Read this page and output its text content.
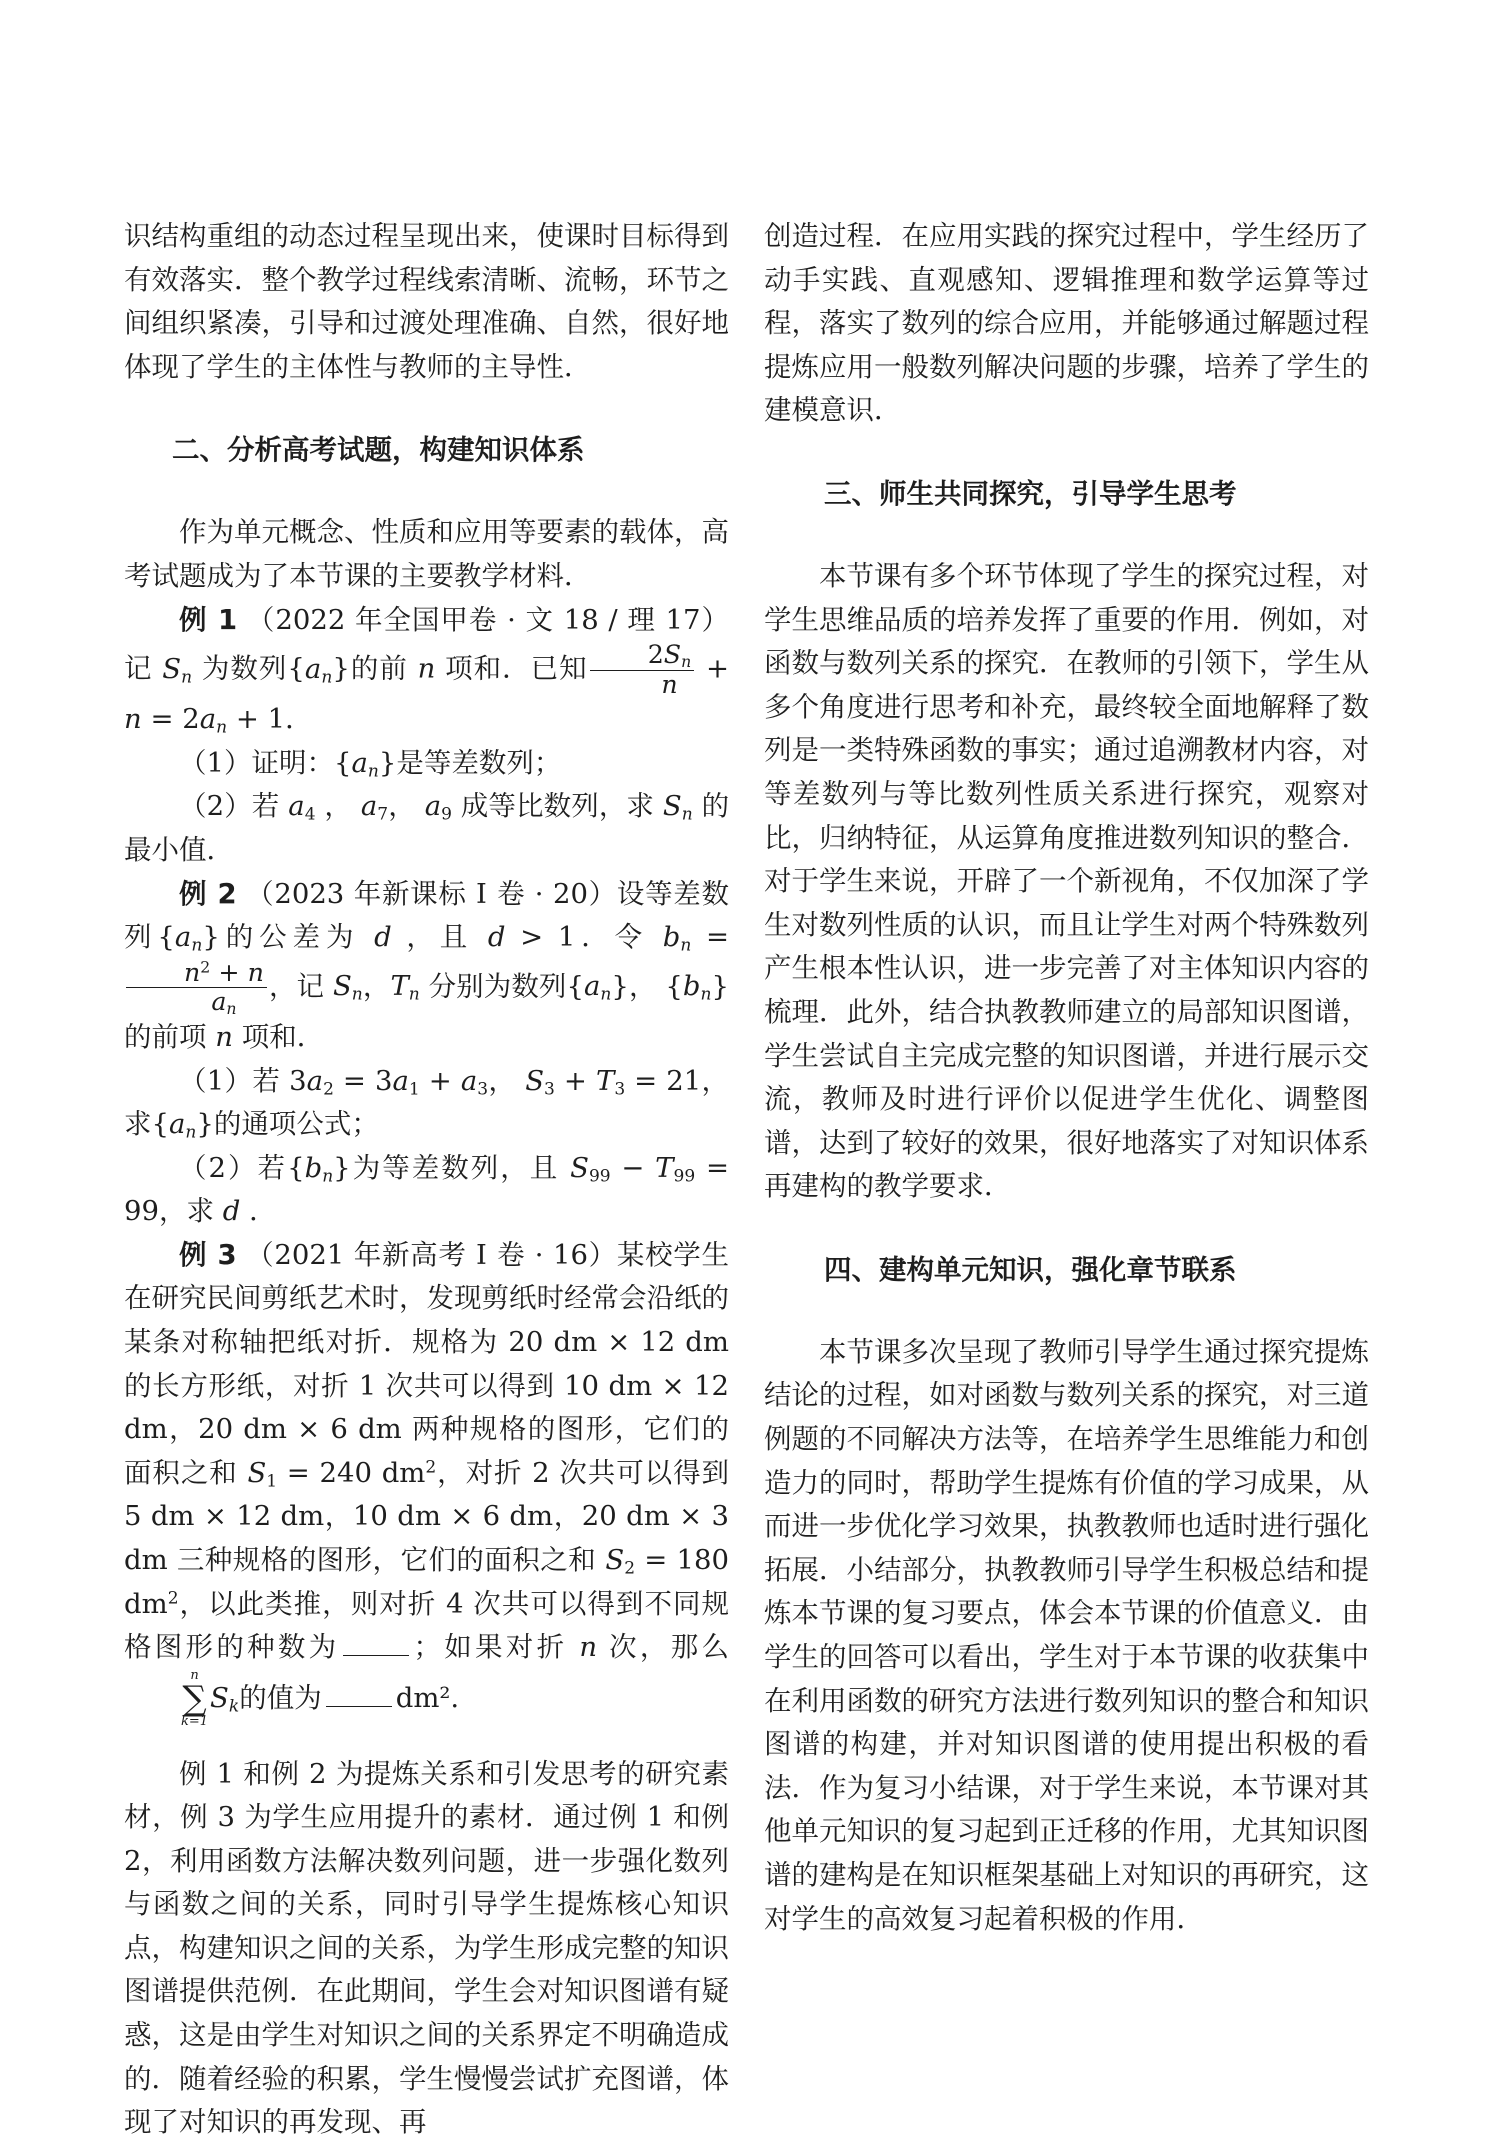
识结构重组的动态过程呈现出来，使课时目标得到有效落实．整个教学过程线索清晰、流畅，环节之间组织紧凑，引导和过渡处理准确、自然，很好地体现了学生的主体性与教师的主导性．

二、分析高考试题，构建知识体系

作为单元概念、性质和应用等要素的载体，高考试题成为了本节课的主要教学材料．

例 1 （2022 年全国甲卷 · 文 18 / 理 17）记 $S_n$ 为数列$\{a_n\}$的前 n 项和．已知 $\frac{2S_n}{n} + n = 2a_n + 1$．

（1）证明：$\{a_n\}$是等差数列；

（2）若 $a_4$ ， $a_7$， $a_9$ 成等比数列，求 $S_n$ 的最小值．

例 2 （2023 年新课标 Ⅰ 卷 · 20）设等差数列$\{a_n\}$的公差为 d ，且 d > 1．令 $b_n$ =
$\frac{n^2 + n}{a_n}$ ，记 $S_n$，$T_n$ 分别为数列$\{a_n\}$， $\{b_n\}$的前项 n 项和．

（1）若 $3a_2 = 3a_1 + a_3$， $S_3 + T_3 = 21$，求$\{a_n\}$的通项公式；

（2）若$\{b_n\}$为等差数列，且 $S_{99} - T_{99} = 99$，求 d ．

例 3 （2021 年新高考 Ⅰ 卷 · 16）某校学生在研究民间剪纸艺术时，发现剪纸时经常会沿纸的某条对称轴把纸对折．规格为 20 dm × 12 dm的长方形纸，对折 1 次共可以得到 10 dm × 12 dm，20 dm × 6 dm 两种规格的图形，它们的面积之和 $S_1 = 240$ $dm^2$，对折 2 次共可以得到 5 dm × 12 dm，10 dm × 6 dm，20 dm × 3 dm 三种规格的图形，它们的面积之和 $S_2 = 180$ $dm^2$，以此类推，则对折 4 次共可以得到不同规格图形的种数为	；如果对折 n 次，那么
n
∑
k=1
$S_k$的值为	dm².

例 1 和例 2 为提炼关系和引发思考的研究素材，例 3 为学生应用提升的素材．通过例 1 和例 2，利用函数方法解决数列问题，进一步强化数列与函数之间的关系，同时引导学生提炼核心知识点，构建知识之间的关系，为学生形成完整的知识图谱提供范例．在此期间，学生会对知识图谱有疑惑，这是由学生对知识之间的关系界定不明确造成的．随着经验的积累，学生慢慢尝试扩充图谱，体现了对知识的再发现、再

创造过程．在应用实践的探究过程中，学生经历了动手实践、直观感知、逻辑推理和数学运算等过程，落实了数列的综合应用，并能够通过解题过程提炼应用一般数列解决问题的步骤，培养了学生的建模意识．

三、师生共同探究，引导学生思考

本节课有多个环节体现了学生的探究过程，对学生思维品质的培养发挥了重要的作用．例如，对函数与数列关系的探究．在教师的引领下，学生从多个角度进行思考和补充，最终较全面地解释了数列是一类特殊函数的事实；通过追溯教材内容，对等差数列与等比数列性质关系进行探究，观察对比，归纳特征，从运算角度推进数列知识的整合．对于学生来说，开辟了一个新视角，不仅加深了学生对数列性质的认识，而且让学生对两个特殊数列产生根本性认识，进一步完善了对主体知识内容的梳理．此外，结合执教教师建立的局部知识图谱，学生尝试自主完成完整的知识图谱，并进行展示交流，教师及时进行评价以促进学生优化、调整图谱，达到了较好的效果，很好地落实了对知识体系再建构的教学要求．

四、建构单元知识，强化章节联系

本节课多次呈现了教师引导学生通过探究提炼结论的过程，如对函数与数列关系的探究，对三道例题的不同解决方法等，在培养学生思维能力和创造力的同时，帮助学生提炼有价值的学习成果，从而进一步优化学习效果，执教教师也适时进行强化拓展．小结部分，执教教师引导学生积极总结和提炼本节课的复习要点，体会本节课的价值意义．由学生的回答可以看出，学生对于本节课的收获集中在利用函数的研究方法进行数列知识的整合和知识图谱的构建，并对知识图谱的使用提出积极的看法．作为复习小结课，对于学生来说，本节课对其他单元知识的复习起到正迁移的作用，尤其知识图谱的建构是在知识框架基础上对知识的再研究，这对学生的高效复习起着积极的作用．
